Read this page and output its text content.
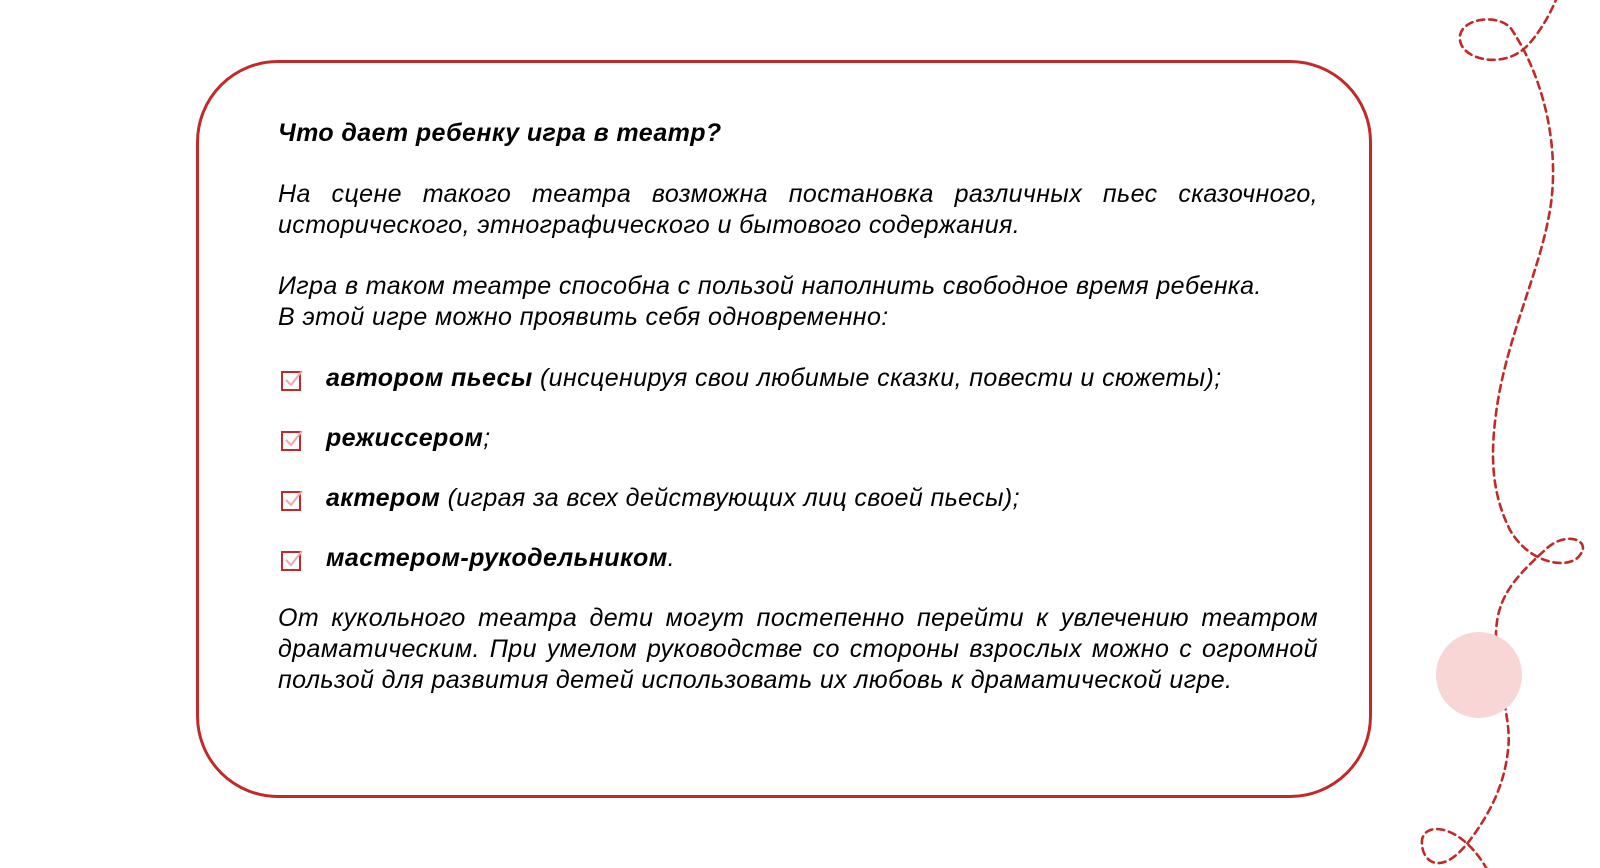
Что дает ребенку игра в театр?
На сцене такого театра возможна постановка различных пьес сказочного,
исторического, этнографического и бытового содержания.
Игра в таком театре способна с пользой наполнить свободное время ребенка.
В этой игре можно проявить себя одновременно:
автором пьесы (инсценируя свои любимые сказки, повести и сюжеты);
режиссером;
актером (играя за всех действующих лиц своей пьесы);
мастером-рукодельником.
От кукольного театра дети могут постепенно перейти к увлечению театром драматическим. При умелом руководстве со стороны взрослых можно с огромной пользой для развития детей использовать их любовь к драматической игре.
